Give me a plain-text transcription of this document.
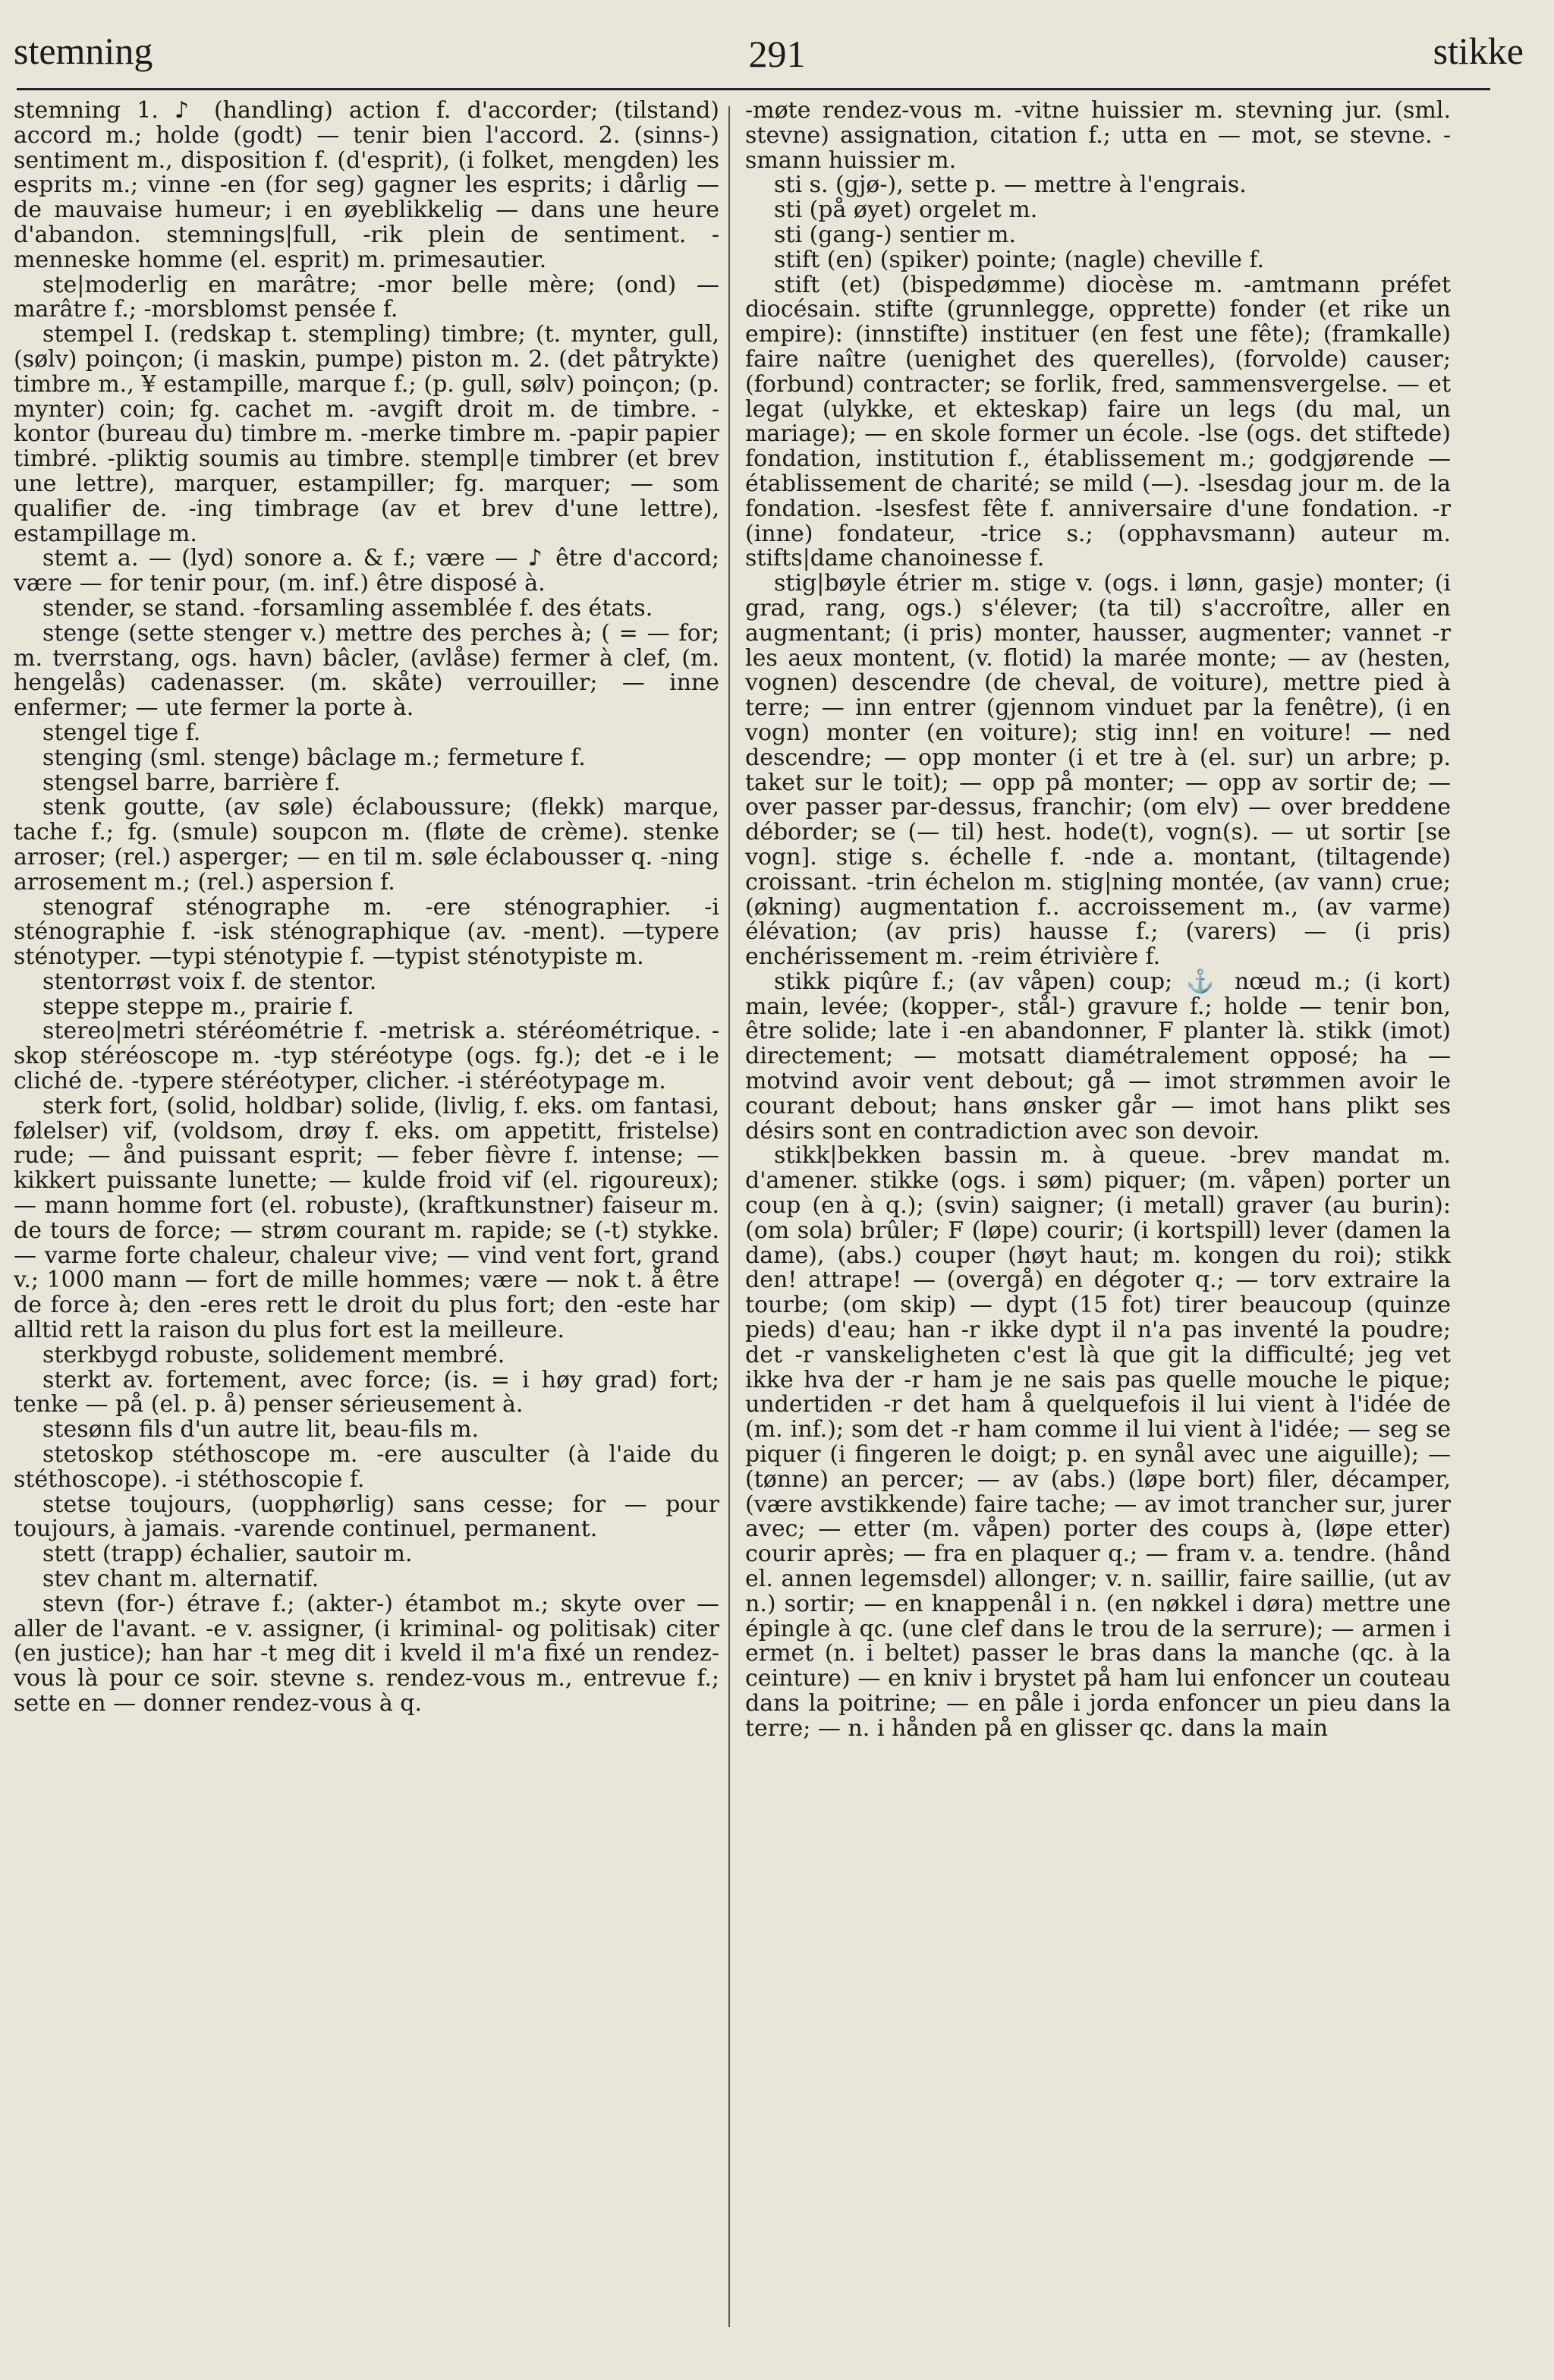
stemning	291	stikke

stemning 1. ♪ (handling) action f. d'accorder; (tilstand) accord m.; holde (godt) — tenir bien l'accord. 2. (sinns-) sentiment m., disposition f. (d'esprit), (i folket, mengden) les esprits m.; vinne -en (for seg) gagner les esprits; i dårlig — de mauvaise humeur; i en øyeblikkelig — dans une heure d'abandon. stemnings|full, -rik plein de sentiment. -menneske homme (el. esprit) m. primesautier.

ste|moderlig en marâtre; -mor belle mère; (ond) — marâtre f.; -morsblomst pensée f.

stempel I. (redskap t. stempling) timbre; (t. mynter, gull, (sølv) poinçon; (i maskin, pumpe) piston m. 2. (det påtrykte) timbre m., ¥ estampille, marque f.; (p. gull, sølv) poinçon; (p. mynter) coin; fg. cachet m. -avgift droit m. de timbre. -kontor (bureau du) timbre m. -merke timbre m. -papir papier timbré. -pliktig soumis au timbre. stempl|e timbrer (et brev une lettre), marquer, estampiller; fg. marquer; — som qualifier de. -ing timbrage (av et brev d'une lettre), estampillage m.

stemt a. — (lyd) sonore a. & f.; være — ♪ être d'accord; være — for tenir pour, (m. inf.) être disposé à.

stender, se stand. -forsamling assemblée f. des états.

stenge (sette stenger v.) mettre des perches à; ( = — for; m. tverrstang, ogs. havn) bâcler, (avlåse) fermer à clef, (m. hengelås) cadenasser. (m. skåte) verrouiller; — inne enfermer; — ute fermer la porte à.

stengel tige f.

stenging (sml. stenge) bâclage m.; fermeture f.

stengsel barre, barrière f.

stenk goutte, (av søle) éclaboussure; (flekk) marque, tache f.; fg. (smule) soupcon m. (fløte de crème). stenke arroser; (rel.) asperger; — en til m. søle éclabousser q. -ning arrosement m.; (rel.) aspersion f.

stenograf sténographe m. -ere sténographier. -i sténographie f. -isk sténographique (av. -ment). —typere sténotyper. —typi sténotypie f. —typist sténotypiste m.

stentorrøst voix f. de stentor.

steppe steppe m., prairie f.

stereo|metri stéréométrie f. -metrisk a. stéréométrique. -skop stéréoscope m. -typ stéréotype (ogs. fg.); det -e i le cliché de. -typere stéréotyper, clicher. -i stéréotypage m.

sterk fort, (solid, holdbar) solide, (livlig, f. eks. om fantasi, følelser) vif, (voldsom, drøy f. eks. om appetitt, fristelse) rude; — ånd puissant esprit; — feber fièvre f. intense; — kikkert puissante lunette; — kulde froid vif (el. rigoureux); — mann homme fort (el. robuste), (kraftkunstner) faiseur m. de tours de force; — strøm courant m. rapide; se (-t) stykke. — varme forte chaleur, chaleur vive; — vind vent fort, grand v.; 1000 mann — fort de mille hommes; være — nok t. å être de force à; den -eres rett le droit du plus fort; den -este har alltid rett la raison du plus fort est la meilleure.

sterkbygd robuste, solidement membré.

sterkt av. fortement, avec force; (is. = i høy grad) fort; tenke — på (el. p. å) penser sérieusement à.

stesønn fils d'un autre lit, beau-fils m.

stetoskop stéthoscope m. -ere ausculter (à l'aide du stéthoscope). -i stéthoscopie f.

stetse toujours, (uopphørlig) sans cesse; for — pour toujours, à jamais. -varende continuel, permanent.

stett (trapp) échalier, sautoir m.

stev chant m. alternatif.

stevn (for-) étrave f.; (akter-) étambot m.; skyte over — aller de l'avant. -e v. assigner, (i kriminal- og politisak) citer (en justice); han har -t meg dit i kveld il m'a fixé un rendez-vous là pour ce soir. stevne s. rendez-vous m., entrevue f.; sette en — donner rendez-vous à q.

-møte rendez-vous m. -vitne huissier m. stevning jur. (sml. stevne) assignation, citation f.; utta en — mot, se stevne. -smann huissier m.

sti s. (gjø-), sette p. — mettre à l'engrais.

sti (på øyet) orgelet m.

sti (gang-) sentier m.

stift (en) (spiker) pointe; (nagle) cheville f.

stift (et) (bispedømme) diocèse m. -amtmann préfet diocésain. stifte (grunnlegge, opprette) fonder (et rike un empire): (innstifte) instituer (en fest une fête); (framkalle) faire naître (uenighet des querelles), (forvolde) causer; (forbund) contracter; se forlik, fred, sammensvergelse. — et legat (ulykke, et ekteskap) faire un legs (du mal, un mariage); — en skole former un école. -lse (ogs. det stiftede) fondation, institution f., établissement m.; godgjørende — établissement de charité; se mild (—). -lsesdag jour m. de la fondation. -lsesfest fête f. anniversaire d'une fondation. -r (inne) fondateur, -trice s.; (opphavsmann) auteur m. stifts|dame chanoinesse f.

stig|bøyle étrier m. stige v. (ogs. i lønn, gasje) monter; (i grad, rang, ogs.) s'élever; (ta til) s'accroître, aller en augmentant; (i pris) monter, hausser, augmenter; vannet -r les aeux montent, (v. flotid) la marée monte; — av (hesten, vognen) descendre (de cheval, de voiture), mettre pied à terre; — inn entrer (gjennom vinduet par la fenêtre), (i en vogn) monter (en voiture); stig inn! en voiture! — ned descendre; — opp monter (i et tre à (el. sur) un arbre; p. taket sur le toit); — opp på monter; — opp av sortir de; — over passer par-dessus, franchir; (om elv) — over breddene déborder; se (— til) hest. hode(t), vogn(s). — ut sortir [se vogn]. stige s. échelle f. -nde a. montant, (tiltagende) croissant. -trin échelon m. stig|ning montée, (av vann) crue; (økning) augmentation f.. accroissement m., (av varme) élévation; (av pris) hausse f.; (varers) — (i pris) enchérissement m. -reim étrivière f.

stikk piqûre f.; (av våpen) coup; ⚓ nœud m.; (i kort) main, levée; (kopper-, stål-) gravure f.; holde — tenir bon, être solide; late i -en abandonner, F planter là. stikk (imot) directement; — motsatt diamétralement opposé; ha — motvind avoir vent debout; gå — imot strømmen avoir le courant debout; hans ønsker går — imot hans plikt ses désirs sont en contradiction avec son devoir.

stikk|bekken bassin m. à queue. -brev mandat m. d'amener. stikke (ogs. i søm) piquer; (m. våpen) porter un coup (en à q.); (svin) saigner; (i metall) graver (au burin): (om sola) brûler; F (løpe) courir; (i kortspill) lever (damen la dame), (abs.) couper (høyt haut; m. kongen du roi); stikk den! attrape! — (overgå) en dégoter q.; — torv extraire la tourbe; (om skip) — dypt (15 fot) tirer beaucoup (quinze pieds) d'eau; han -r ikke dypt il n'a pas inventé la poudre; det -r vanskeligheten c'est là que git la difficulté; jeg vet ikke hva der -r ham je ne sais pas quelle mouche le pique; undertiden -r det ham å quelquefois il lui vient à l'idée de (m. inf.); som det -r ham comme il lui vient à l'idée; — seg se piquer (i fingeren le doigt; p. en synål avec une aiguille); — (tønne) an percer; — av (abs.) (løpe bort) filer, décamper, (være avstikkende) faire tache; — av imot trancher sur, jurer avec; — etter (m. våpen) porter des coups à, (løpe etter) courir après; — fra en plaquer q.; — fram v. a. tendre. (hånd el. annen legemsdel) allonger; v. n. saillir, faire saillie, (ut av n.) sortir; — en knappenål i n. (en nøkkel i døra) mettre une épingle à qc. (une clef dans le trou de la serrure); — armen i ermet (n. i beltet) passer le bras dans la manche (qc. à la ceinture) — en kniv i brystet på ham lui enfoncer un couteau dans la poitrine; — en påle i jorda enfoncer un pieu dans la terre; — n. i hånden på en glisser qc. dans la main
